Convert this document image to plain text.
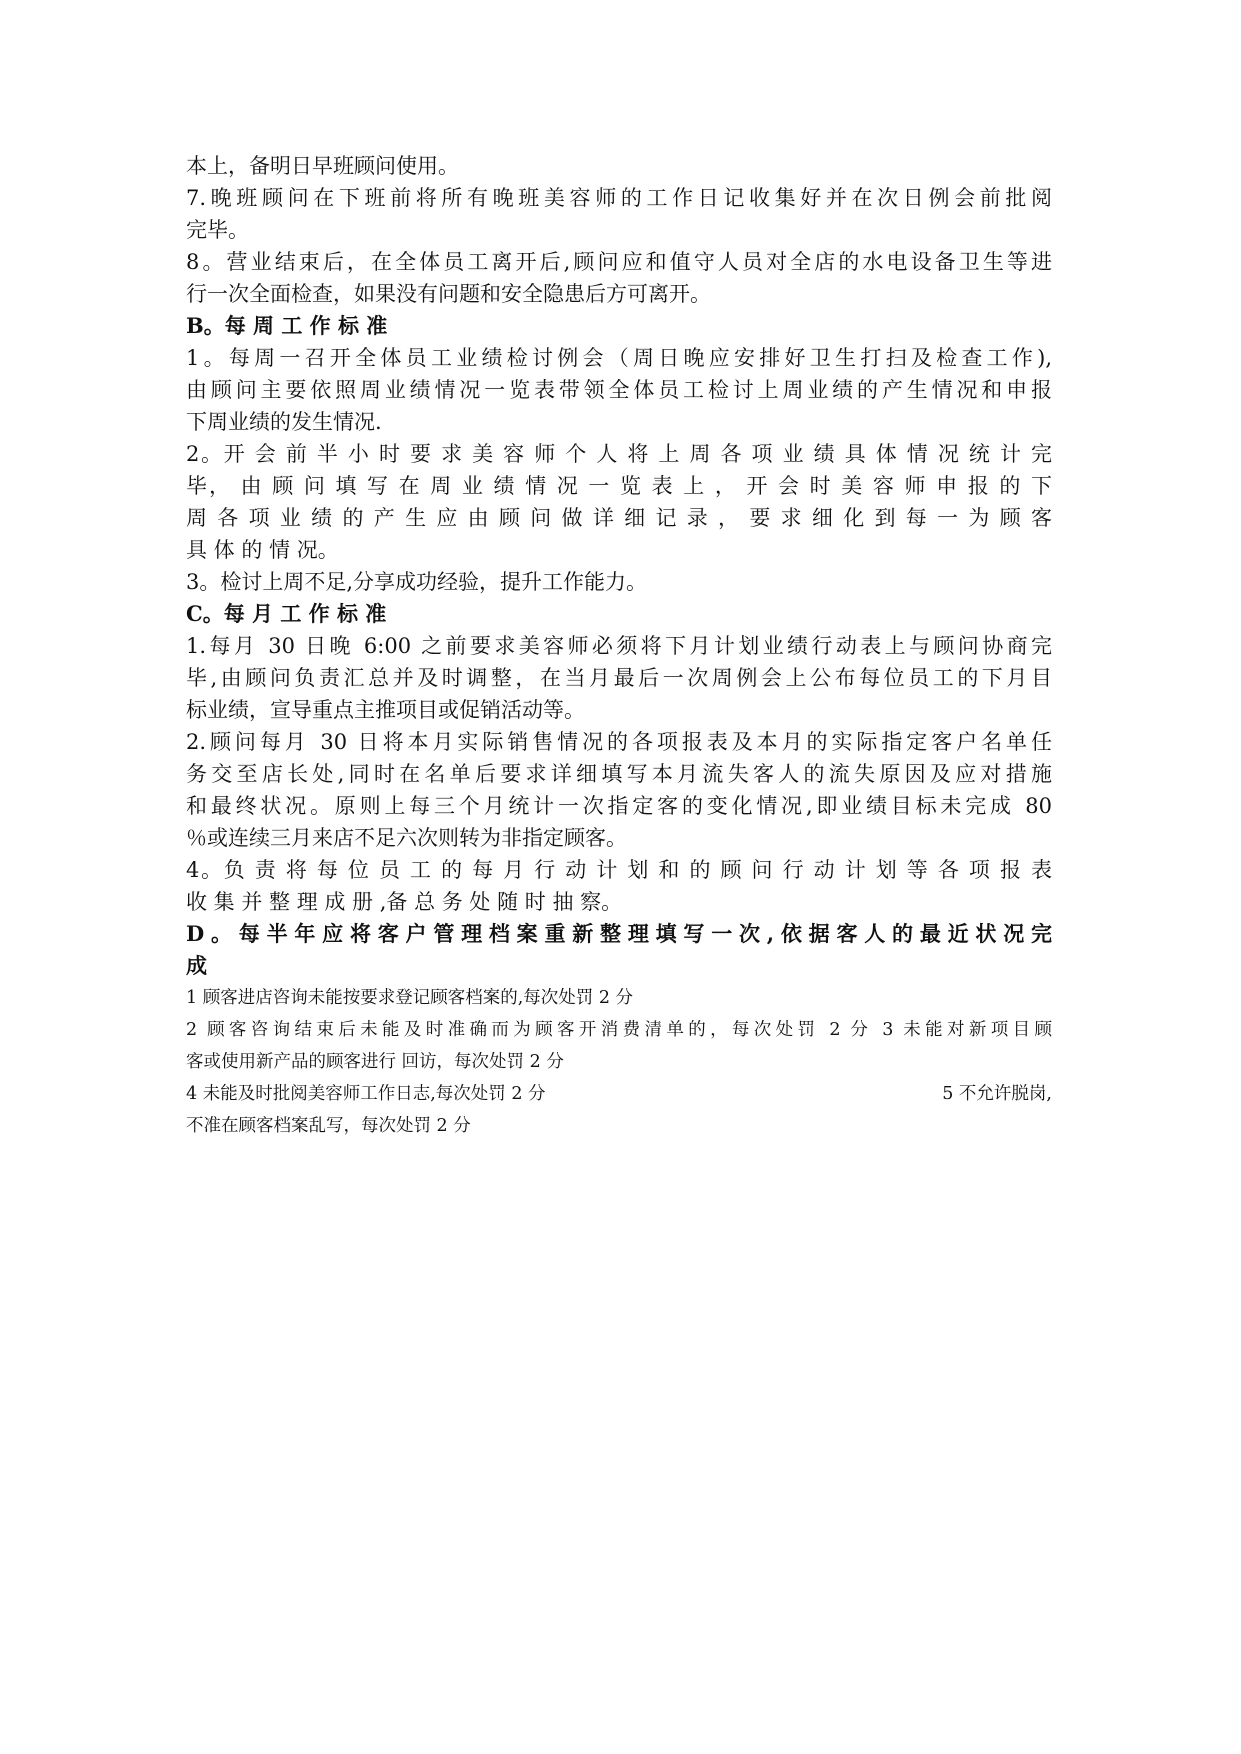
本上，备明日早班顾问使用。
7.晚班顾问在下班前将所有晚班美容师的工作日记收集好并在次日例会前批阅
完毕。
8。营业结束后，在全体员工离开后,顾问应和值守人员对全店的水电设备卫生等进
行一次全面检查，如果没有问题和安全隐患后方可离开。
B。每 周 工 作 标 准
1。每周一召开全体员工业绩检讨例会（周日晚应安排好卫生打扫及检查工作),
由顾问主要依照周业绩情况一览表带领全体员工检讨上周业绩的产生情况和申报
下周业绩的发生情况.
2。开 会 前 半 小 时 要 求 美 容 师 个 人 将 上 周 各 项 业 绩 具 体 情 况 统 计 完
毕， 由 顾 问 填 写 在 周 业 绩 情 况 一 览 表 上 ， 开 会 时 美 容 师 申 报 的 下
周 各 项 业 绩 的 产 生 应 由 顾 问 做 详 细 记 录 ， 要 求 细 化 到 每 一 为 顾 客
具 体 的 情 况。
3。检讨上周不足,分享成功经验，提升工作能力。
C。每 月 工 作 标 准
1.每月 30 日晚 6:00 之前要求美容师必须将下月计划业绩行动表上与顾问协商完
毕,由顾问负责汇总并及时调整，在当月最后一次周例会上公布每位员工的下月目
标业绩，宣导重点主推项目或促销活动等。
2.顾问每月 30 日将本月实际销售情况的各项报表及本月的实际指定客户名单任
务交至店长处,同时在名单后要求详细填写本月流失客人的流失原因及应对措施
和最终状况。原则上每三个月统计一次指定客的变化情况,即业绩目标未完成 80
％或连续三月来店不足六次则转为非指定顾客。
4。负 责 将 每 位 员 工 的 每 月 行 动 计 划 和 的 顾 问 行 动 计 划 等 各 项 报 表
收 集 并 整 理 成 册 ,备 总 务 处 随 时 抽 察。
D。每半年应将客户管理档案重新整理填写一次,依据客人的最近状况完
成
1 顾客进店咨询未能按要求登记顾客档案的,每次处罚 2 分
2 顾客咨询结束后未能及时准确而为顾客开消费清单的，每次处罚 2 分 3 未能对新项目顾
客或使用新产品的顾客进行 回访，每次处罚 2 分
4 未能及时批阅美容师工作日志,每次处罚 2 分	5 不允许脱岗,
不准在顾客档案乱写，每次处罚 2 分
